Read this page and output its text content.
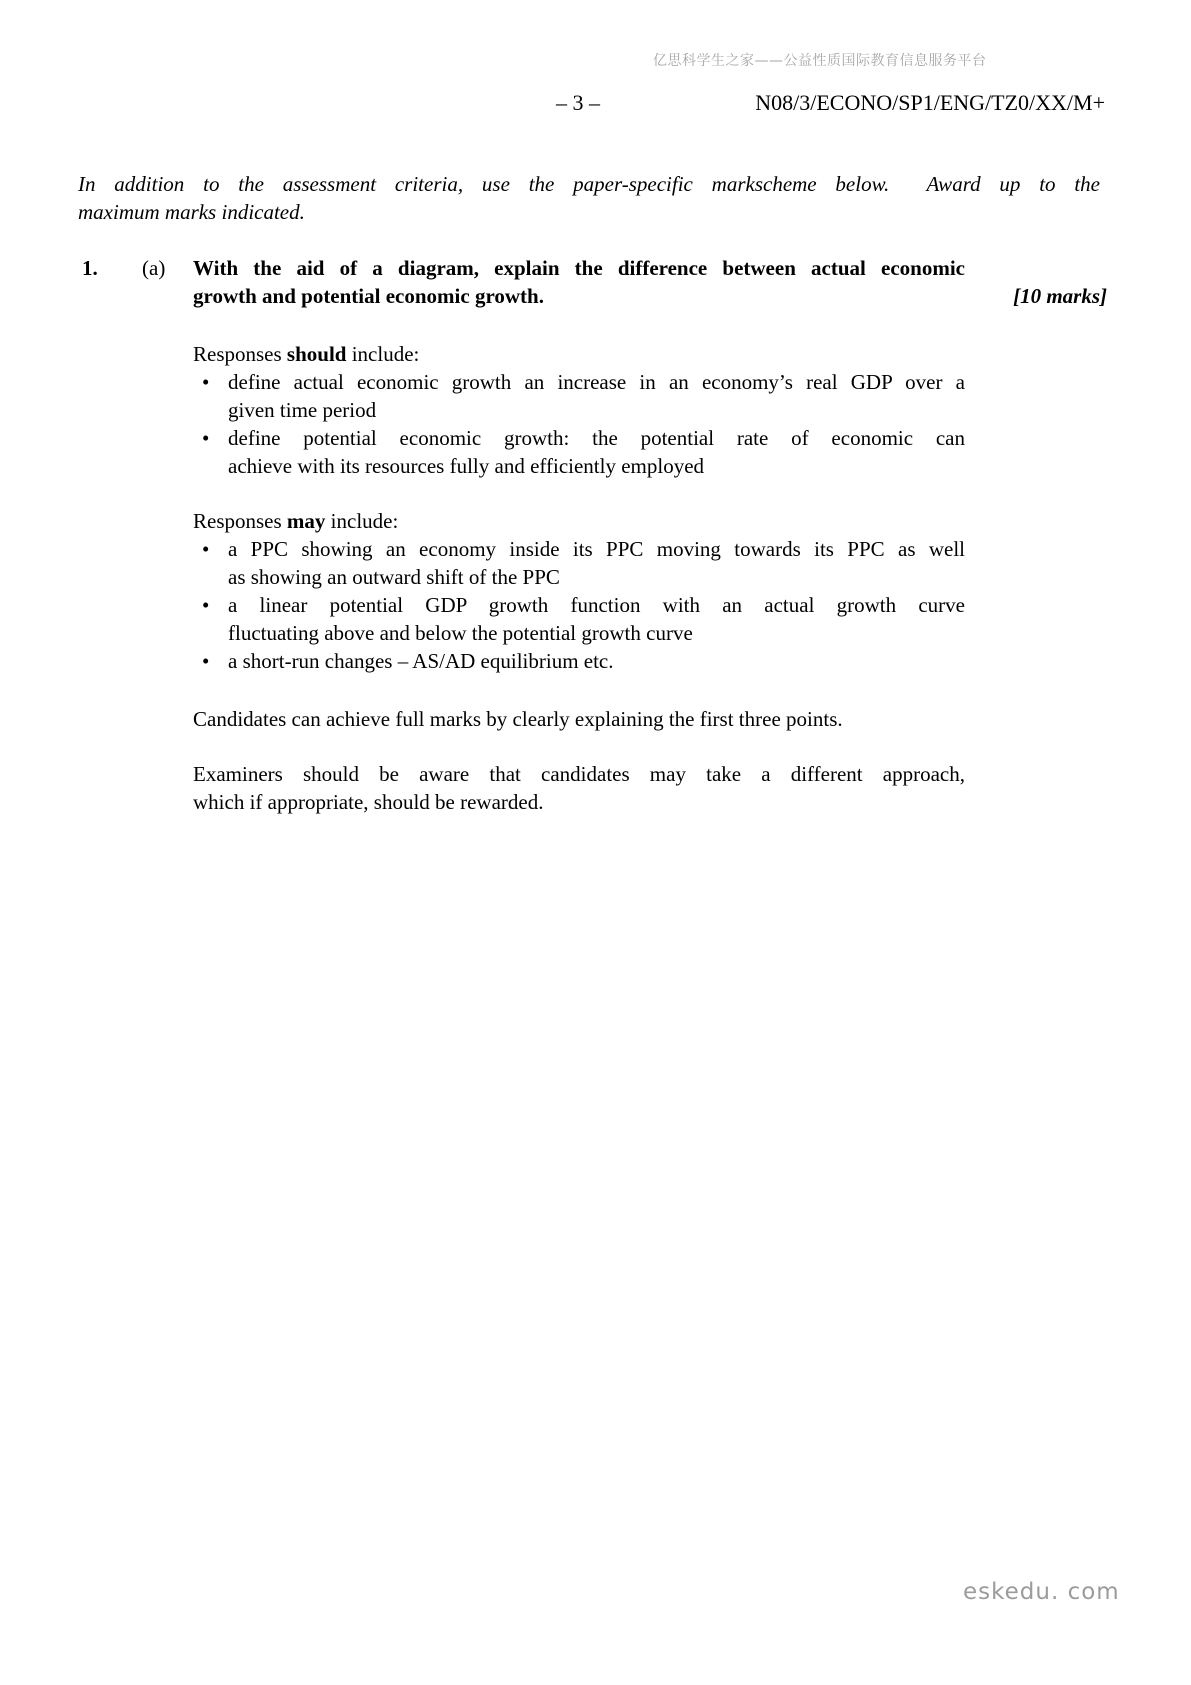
亿思科学生之家——公益性质国际教育信息服务平台
– 3 –	N08/3/ECONO/SP1/ENG/TZ0/XX/M+
In addition to the assessment criteria, use the paper-specific markscheme below.  Award up to the
maximum marks indicated.
1. (a) With the aid of a diagram, explain the difference between actual economic
growth and potential economic growth.	[10 marks]
Responses should include:
• define actual economic growth an increase in an economy’s real GDP over a
given time period
• define potential economic growth: the potential rate of economic can
achieve with its resources fully and efficiently employed
Responses may include:
• a PPC showing an economy inside its PPC moving towards its PPC as well
as showing an outward shift of the PPC
• a linear potential GDP growth function with an actual growth curve
fluctuating above and below the potential growth curve
• a short-run changes – AS/AD equilibrium etc.
Candidates can achieve full marks by clearly explaining the first three points.
Examiners should be aware that candidates may take a different approach,
which if appropriate, should be rewarded.
eskedu. com
